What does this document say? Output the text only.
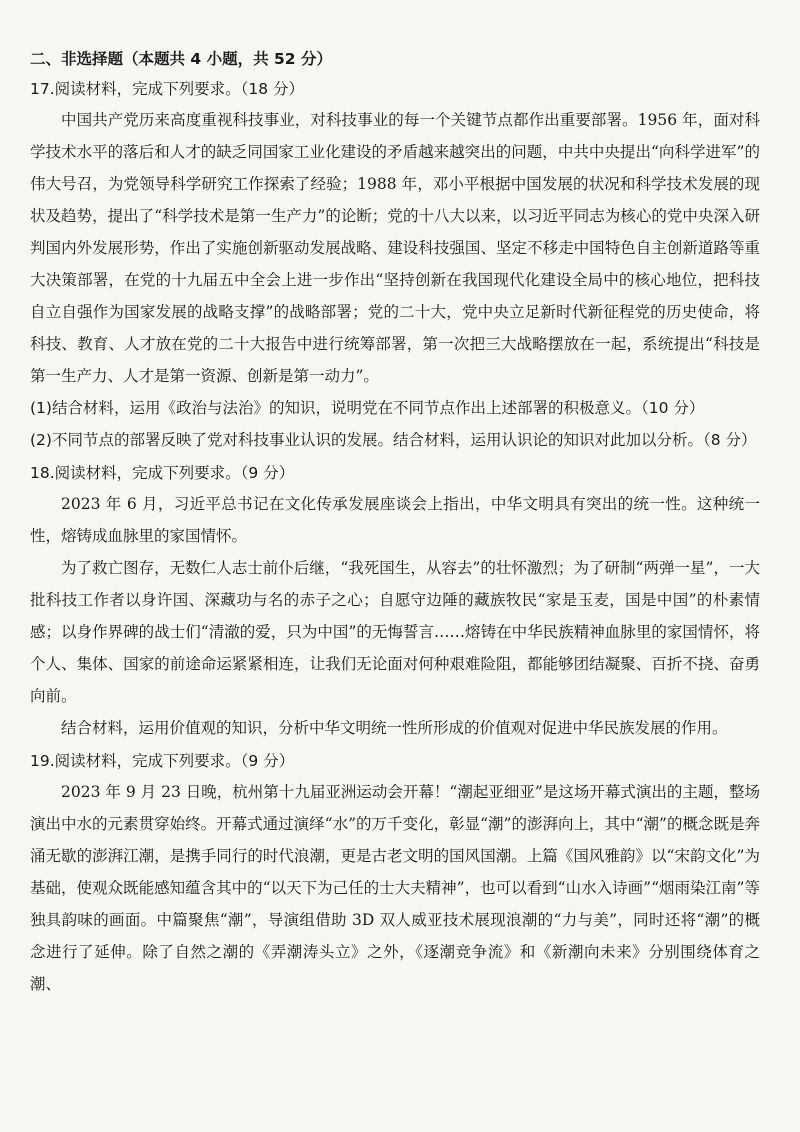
二、非选择题（本题共 4 小题，共 52 分）

17.阅读材料，完成下列要求。（18 分）

中国共产党历来高度重视科技事业，对科技事业的每一个关键节点都作出重要部署。1956 年，面对科学技术水平的落后和人才的缺乏同国家工业化建设的矛盾越来越突出的问题，中共中央提出“向科学进军”的伟大号召，为党领导科学研究工作探索了经验；1988 年，邓小平根据中国发展的状况和科学技术发展的现状及趋势，提出了“科学技术是第一生产力”的论断；党的十八大以来，以习近平同志为核心的党中央深入研判国内外发展形势，作出了实施创新驱动发展战略、建设科技强国、坚定不移走中国特色自主创新道路等重大决策部署，在党的十九届五中全会上进一步作出“坚持创新在我国现代化建设全局中的核心地位，把科技自立自强作为国家发展的战略支撑”的战略部署；党的二十大，党中央立足新时代新征程党的历史使命，将科技、教育、人才放在党的二十大报告中进行统筹部署，第一次把三大战略摆放在一起，系统提出“科技是第一生产力、人才是第一资源、创新是第一动力”。

(1)结合材料，运用《政治与法治》的知识，说明党在不同节点作出上述部署的积极意义。（10 分）

(2)不同节点的部署反映了党对科技事业认识的发展。结合材料，运用认识论的知识对此加以分析。（8 分）

18.阅读材料，完成下列要求。（9 分）

2023 年 6 月，习近平总书记在文化传承发展座谈会上指出，中华文明具有突出的统一性。这种统一性，熔铸成血脉里的家国情怀。

为了救亡图存，无数仁人志士前仆后继，“我死国生，从容去”的壮怀激烈；为了研制“两弹一星”，一大批科技工作者以身许国、深藏功与名的赤子之心；自愿守边陲的藏族牧民“家是玉麦，国是中国”的朴素情感；以身作界碑的战士们“清澈的爱，只为中国”的无悔誓言……熔铸在中华民族精神血脉里的家国情怀，将个人、集体、国家的前途命运紧紧相连，让我们无论面对何种艰难险阻，都能够团结凝聚、百折不挠、奋勇向前。

结合材料，运用价值观的知识，分析中华文明统一性所形成的价值观对促进中华民族发展的作用。

19.阅读材料，完成下列要求。（9 分）

2023 年 9 月 23 日晚，杭州第十九届亚洲运动会开幕！“潮起亚细亚”是这场开幕式演出的主题，整场演出中水的元素贯穿始终。开幕式通过演绎“水”的万千变化，彰显“潮”的澎湃向上，其中“潮”的概念既是奔涌无歇的澎湃江潮，是携手同行的时代浪潮，更是古老文明的国风国潮。上篇《国风雅韵》以“宋韵文化”为基础，使观众既能感知蕴含其中的“以天下为己任的士大夫精神”，也可以看到“山水入诗画”“烟雨染江南”等独具韵味的画面。中篇聚焦“潮”，导演组借助 3D 双人威亚技术展现浪潮的“力与美”，同时还将“潮”的概念进行了延伸。除了自然之潮的《弄潮涛头立》之外，《逐潮竞争流》和《新潮向未来》分别围绕体育之潮、
